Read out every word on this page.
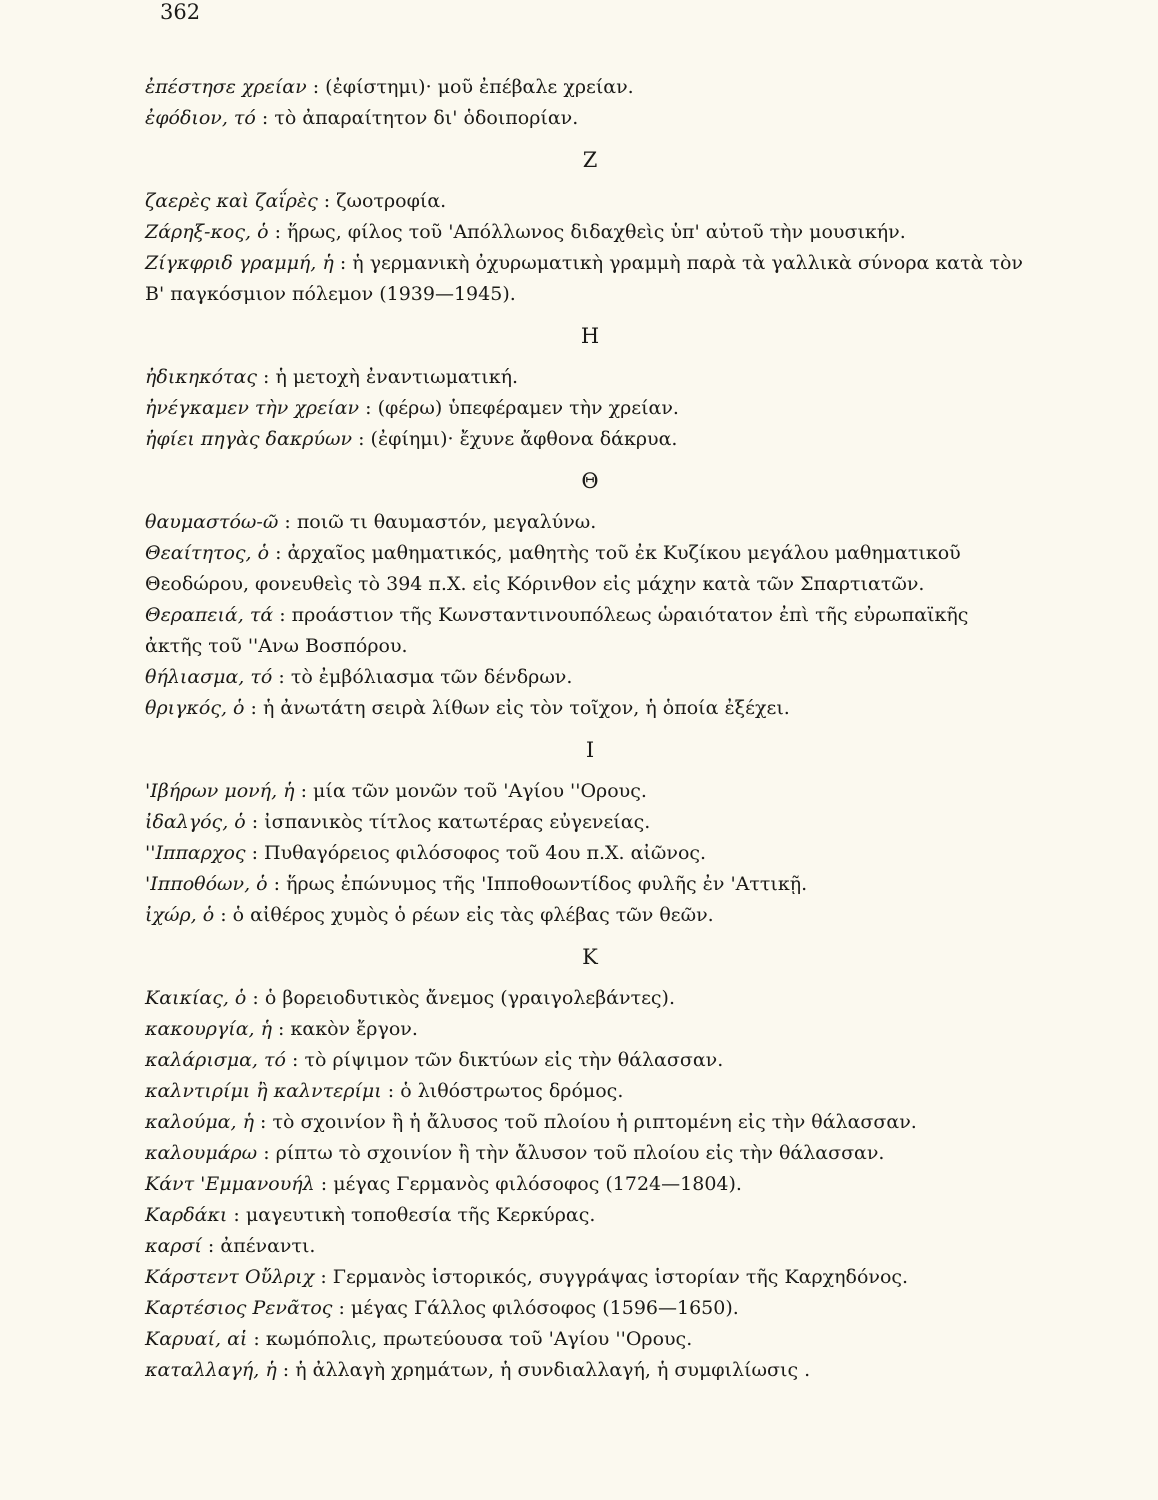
362

ἐπέστησε χρείαν : (ἐφίστημι)· μοῦ ἐπέβαλε χρείαν.

ἐφόδιον, τό : τὸ ἀπαραίτητον δι' ὁδοιπορίαν.

Ζ

ζαερὲς καὶ ζαΐρὲς : ζωοτροφία.

Ζάρηξ-κος, ὁ : ἥρως, φίλος τοῦ 'Απόλλωνος διδαχθεὶς ὑπ' αὐτοῦ τὴν μουσικήν.

Ζίγκφριδ γραμμή, ἡ : ἡ γερμανικὴ ὀχυρωματικὴ γραμμὴ παρὰ τὰ γαλλικὰ σύνορα κατὰ τὸν Β' παγκόσμιον πόλεμον (1939—1945).

Η

ἠδικηκότας : ἡ μετοχὴ ἐναντιωματική.

ἠνέγκαμεν τὴν χρείαν : (φέρω) ὑπεφέραμεν τὴν χρείαν.

ἠφίει πηγὰς δακρύων : (ἐφίημι)· ἔχυνε ἄφθονα δάκρυα.

Θ

θαυμαστόω-ῶ : ποιῶ τι θαυμαστόν, μεγαλύνω.

Θεαίτητος, ὁ : ἀρχαῖος μαθηματικός, μαθητὴς τοῦ ἐκ Κυζίκου μεγάλου μαθηματικοῦ Θεοδώρου, φονευθεὶς τὸ 394 π.Χ. εἰς Κόρινθον εἰς μάχην κατὰ τῶν Σπαρτιατῶν.

Θεραπειά, τά : προάστιον τῆς Κωνσταντινουπόλεως ὡραιότατον ἐπὶ τῆς εὐρωπαϊκῆς ἀκτῆς τοῦ ''Ανω Βοσπόρου.

θήλιασμα, τό : τὸ ἐμβόλιασμα τῶν δένδρων.

θριγκός, ὁ : ἡ ἀνωτάτη σειρὰ λίθων εἰς τὸν τοῖχον, ἡ ὁποία ἐξέχει.

Ι

'Ιβήρων μονή, ἡ : μία τῶν μονῶν τοῦ 'Αγίου ''Ορους.

ἰδαλγός, ὁ : ἰσπανικὸς τίτλος κατωτέρας εὐγενείας.

''Ιππαρχος : Πυθαγόρειος φιλόσοφος τοῦ 4ου π.Χ. αἰῶνος.

'Ιπποθόων, ὁ : ἥρως ἐπώνυμος τῆς 'Ιπποθοωντίδος φυλῆς ἐν 'Αττικῇ.

ἰχώρ, ὁ : ὁ αἰθέρος χυμὸς ὁ ρέων εἰς τὰς φλέβας τῶν θεῶν.

Κ

Καικίας, ὁ : ὁ βορειοδυτικὸς ἄνεμος (γραιγολεβάντες).

κακουργία, ἡ : κακὸν ἔργον.

καλάρισμα, τό : τὸ ρίψιμον τῶν δικτύων εἰς τὴν θάλασσαν.

καλντιρίμι ἢ καλντερίμι : ὁ λιθόστρωτος δρόμος.

καλούμα, ἡ : τὸ σχοινίον ἢ ἡ ἄλυσος τοῦ πλοίου ἡ ριπτομένη εἰς τὴν θάλασσαν.

καλουμάρω : ρίπτω τὸ σχοινίον ἢ τὴν ἄλυσον τοῦ πλοίου εἰς τὴν θάλασσαν.

Κάντ 'Εμμανουήλ : μέγας Γερμανὸς φιλόσοφος (1724—1804).

Καρδάκι : μαγευτικὴ τοποθεσία τῆς Κερκύρας.

καρσί : ἀπέναντι.

Κάρστεντ Οὔλριχ : Γερμανὸς ἱστορικός, συγγράψας ἱστορίαν τῆς Καρχηδόνος.

Καρτέσιος Ρενᾶτος : μέγας Γάλλος φιλόσοφος (1596—1650).

Καρυαί, αἱ : κωμόπολις, πρωτεύουσα τοῦ 'Αγίου ''Ορους.

καταλλαγή, ἡ : ἡ ἀλλαγὴ χρημάτων, ἡ συνδιαλλαγή, ἡ συμφιλίωσις .
